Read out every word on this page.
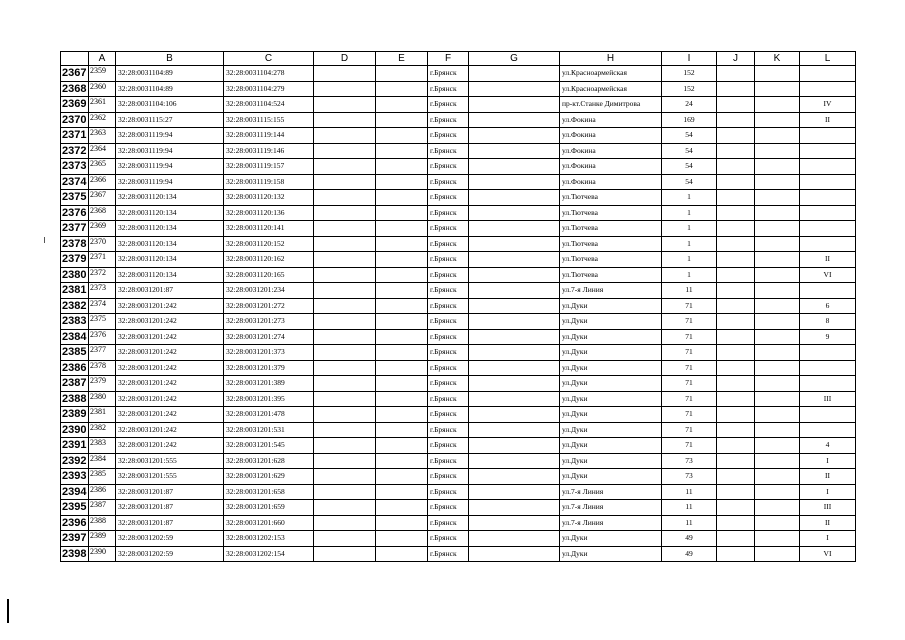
	A	B	C	D	E	F	G	H	I	J	K	L
2367	2359	32:28:0031104:89	32:28:0031104:278			г.Брянск		ул.Красноармейская	152			
2368	2360	32:28:0031104:89	32:28:0031104:279			г.Брянск		ул.Красноармейская	152			
2369	2361	32:28:0031104:106	32:28:0031104:524			г.Брянск		пр-кт.Станке Димитрова	24			IV
2370	2362	32:28:0031115:27	32:28:0031115:155			г.Брянск		ул.Фокина	169			II
2371	2363	32:28:0031119:94	32:28:0031119:144			г.Брянск		ул.Фокина	54			
2372	2364	32:28:0031119:94	32:28:0031119:146			г.Брянск		ул.Фокина	54			
2373	2365	32:28:0031119:94	32:28:0031119:157			г.Брянск		ул.Фокина	54			
2374	2366	32:28:0031119:94	32:28:0031119:158			г.Брянск		ул.Фокина	54			
2375	2367	32:28:0031120:134	32:28:0031120:132			г.Брянск		ул.Тютчева	1			
2376	2368	32:28:0031120:134	32:28:0031120:136			г.Брянск		ул.Тютчева	1			
2377	2369	32:28:0031120:134	32:28:0031120:141			г.Брянск		ул.Тютчева	1			
2378	2370	32:28:0031120:134	32:28:0031120:152			г.Брянск		ул.Тютчева	1			
2379	2371	32:28:0031120:134	32:28:0031120:162			г.Брянск		ул.Тютчева	1			II
2380	2372	32:28:0031120:134	32:28:0031120:165			г.Брянск		ул.Тютчева	1			VI
2381	2373	32:28:0031201:87	32:28:0031201:234			г.Брянск		ул.7-я Линия	11			
2382	2374	32:28:0031201:242	32:28:0031201:272			г.Брянск		ул.Дуки	71			6
2383	2375	32:28:0031201:242	32:28:0031201:273			г.Брянск		ул.Дуки	71			8
2384	2376	32:28:0031201:242	32:28:0031201:274			г.Брянск		ул.Дуки	71			9
2385	2377	32:28:0031201:242	32:28:0031201:373			г.Брянск		ул.Дуки	71			
2386	2378	32:28:0031201:242	32:28:0031201:379			г.Брянск		ул.Дуки	71			
2387	2379	32:28:0031201:242	32:28:0031201:389			г.Брянск		ул.Дуки	71			
2388	2380	32:28:0031201:242	32:28:0031201:395			г.Брянск		ул.Дуки	71			III
2389	2381	32:28:0031201:242	32:28:0031201:478			г.Брянск		ул.Дуки	71			
2390	2382	32:28:0031201:242	32:28:0031201:531			г.Брянск		ул.Дуки	71			
2391	2383	32:28:0031201:242	32:28:0031201:545			г.Брянск		ул.Дуки	71			4
2392	2384	32:28:0031201:555	32:28:0031201:628			г.Брянск		ул.Дуки	73			I
2393	2385	32:28:0031201:555	32:28:0031201:629			г.Брянск		ул.Дуки	73			II
2394	2386	32:28:0031201:87	32:28:0031201:658			г.Брянск		ул.7-я Линия	11			I
2395	2387	32:28:0031201:87	32:28:0031201:659			г.Брянск		ул.7-я Линия	11			III
2396	2388	32:28:0031201:87	32:28:0031201:660			г.Брянск		ул.7-я Линия	11			II
2397	2389	32:28:0031202:59	32:28:0031202:153			г.Брянск		ул.Дуки	49			I
2398	2390	32:28:0031202:59	32:28:0031202:154			г.Брянск		ул.Дуки	49			VI
